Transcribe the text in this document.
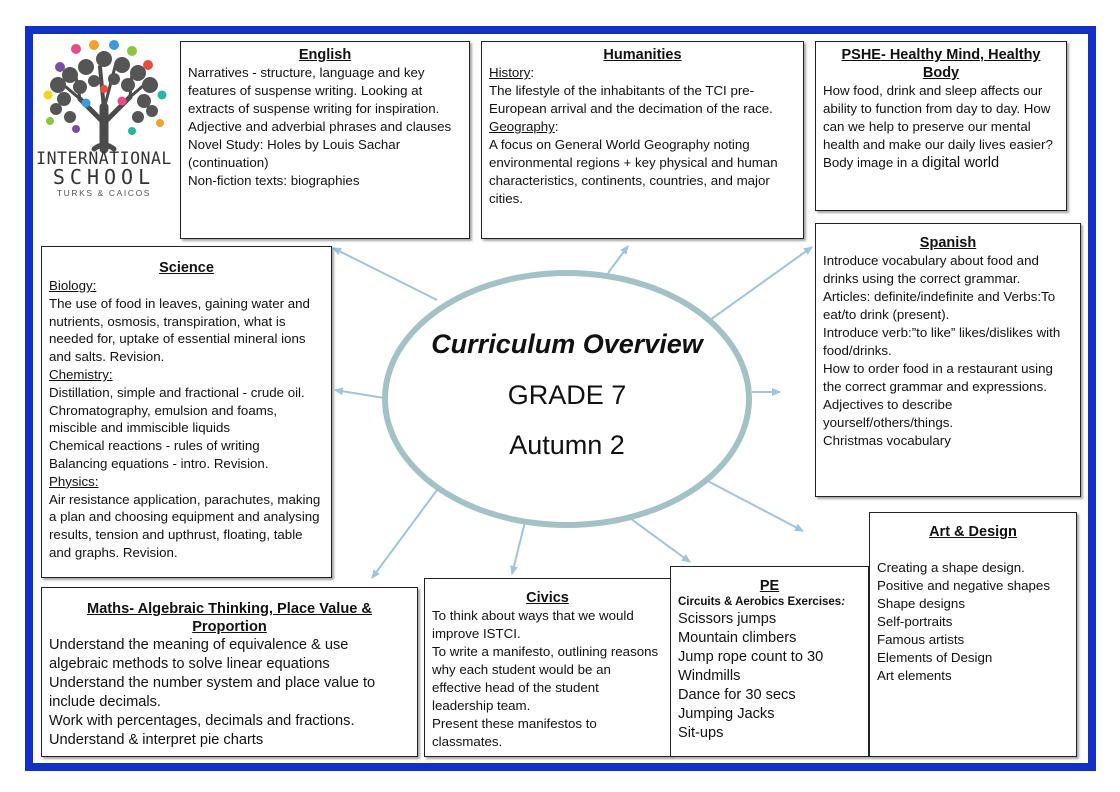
INTERNATIONAL
SCHOOL
TURKS & CAICOS
English

Narratives - structure, language and key features of suspense writing. Looking at extracts of suspense writing for inspiration.

Adjective and adverbial phrases and clauses

Novel Study: Holes by Louis Sachar (continuation)

Non-fiction texts: biographies

Humanities

History:

The lifestyle of the inhabitants of the TCI pre-European arrival and the decimation of the race.

Geography:

A focus on General World Geography noting environmental regions + key physical and human characteristics, continents, countries, and major cities.

PSHE- Healthy Mind, Healthy Body

How food, drink and sleep affects our ability to function from day to day. How can we help to preserve our mental health and make our daily lives easier?

Body image in a digital world

Science

Biology:

The use of food in leaves, gaining water and nutrients, osmosis, transpiration, what is needed for, uptake of essential mineral ions and salts. Revision.

Chemistry:

Distillation, simple and fractional - crude oil. Chromatography, emulsion and foams, miscible and immiscible liquids

Chemical reactions - rules of writing

Balancing equations - intro. Revision.

Physics:

Air resistance application, parachutes, making a plan and choosing equipment and analysing results, tension and upthrust, floating, table and graphs. Revision.

Spanish

Introduce vocabulary about food and drinks using the correct grammar.

Articles: definite/indefinite and Verbs:To eat/to drink (present).

Introduce verb:”to like” likes/dislikes with food/drinks.

How to order food in a restaurant using the correct grammar and expressions.

Adjectives to describe yourself/others/things.

Christmas vocabulary

Maths- Algebraic Thinking, Place Value & Proportion

Understand the meaning of equivalence & use algebraic methods to solve linear equations

Understand the number system and place value to include decimals.

Work with percentages, decimals and fractions.

Understand & interpret pie charts

Civics

To think about ways that we would improve ISTCI.

To write a manifesto, outlining reasons why each student would be an effective head of the student leadership team.

Present these manifestos to classmates.

PE

Circuits & Aerobics Exercises:

Scissors jumps

Mountain climbers

Jump rope count to 30

Windmills

Dance for 30 secs

Jumping Jacks

Sit-ups

Art & Design

Creating a shape design.

Positive and negative shapes

Shape designs

Self-portraits

Famous artists

Elements of Design

Art elements

Curriculum Overview
GRADE 7
Autumn 2
